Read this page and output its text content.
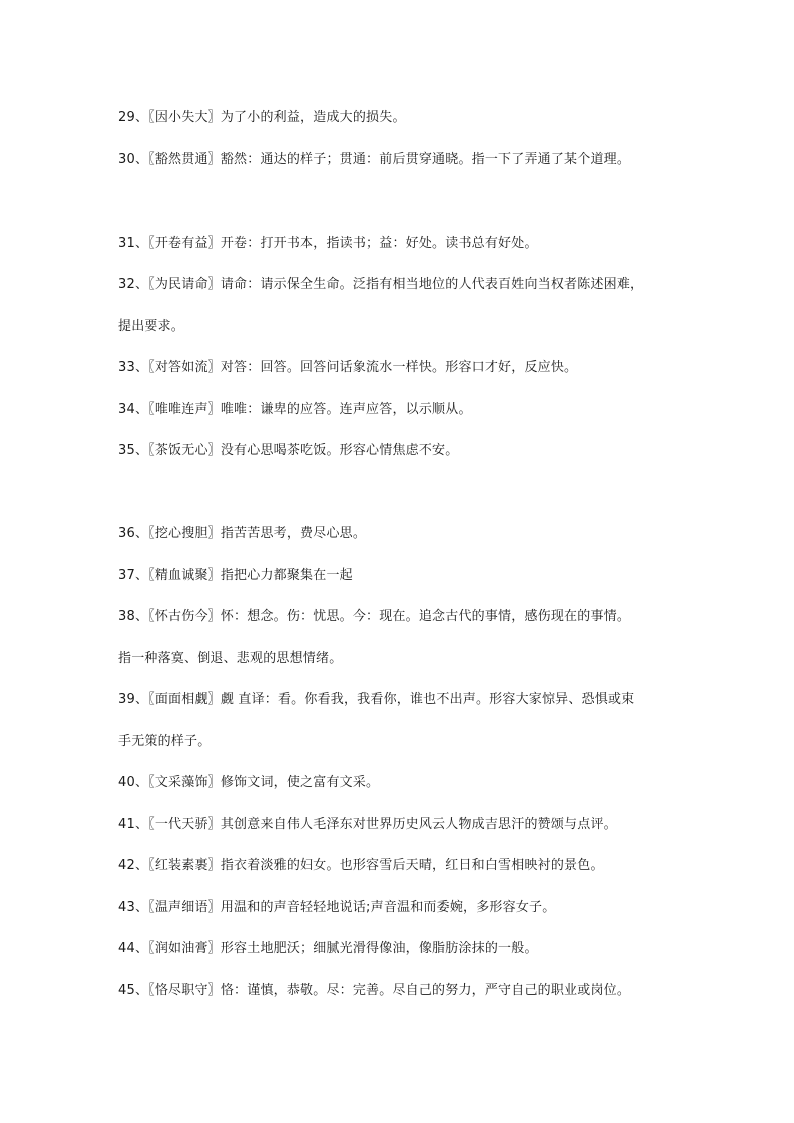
29、〖因小失大〗为了小的利益，造成大的损失。
30、〖豁然贯通〗豁然：通达的样子；贯通：前后贯穿通晓。指一下了弄通了某个道理。
31、〖开卷有益〗开卷：打开书本，指读书；益：好处。读书总有好处。
32、〖为民请命〗请命：请示保全生命。泛指有相当地位的人代表百姓向当权者陈述困难，
提出要求。
33、〖对答如流〗对答：回答。回答问话象流水一样快。形容口才好，反应快。
34、〖唯唯连声〗唯唯：谦卑的应答。连声应答，以示顺从。
35、〖茶饭无心〗没有心思喝茶吃饭。形容心情焦虑不安。
36、〖挖心搜胆〗指苦苦思考，费尽心思。
37、〖精血诚聚〗指把心力都聚集在一起
38、〖怀古伤今〗怀：想念。伤：忧思。今：现在。追念古代的事情，感伤现在的事情。
指一种落寞、倒退、悲观的思想情绪。
39、〖面面相觑〗觑 直译：看。你看我，我看你，谁也不出声。形容大家惊异、恐惧或束
手无策的样子。
40、〖文采藻饰〗修饰文词，使之富有文采。
41、〖一代天骄〗其创意来自伟人毛泽东对世界历史风云人物成吉思汗的赞颂与点评。
42、〖红装素裹〗指衣着淡雅的妇女。也形容雪后天晴，红日和白雪相映衬的景色。
43、〖温声细语〗用温和的声音轻轻地说话;声音温和而委婉，多形容女子。
44、〖润如油膏〗形容土地肥沃；细腻光滑得像油，像脂肪涂抹的一般。
45、〖恪尽职守〗恪：谨慎，恭敬。尽：完善。尽自己的努力，严守自己的职业或岗位。
